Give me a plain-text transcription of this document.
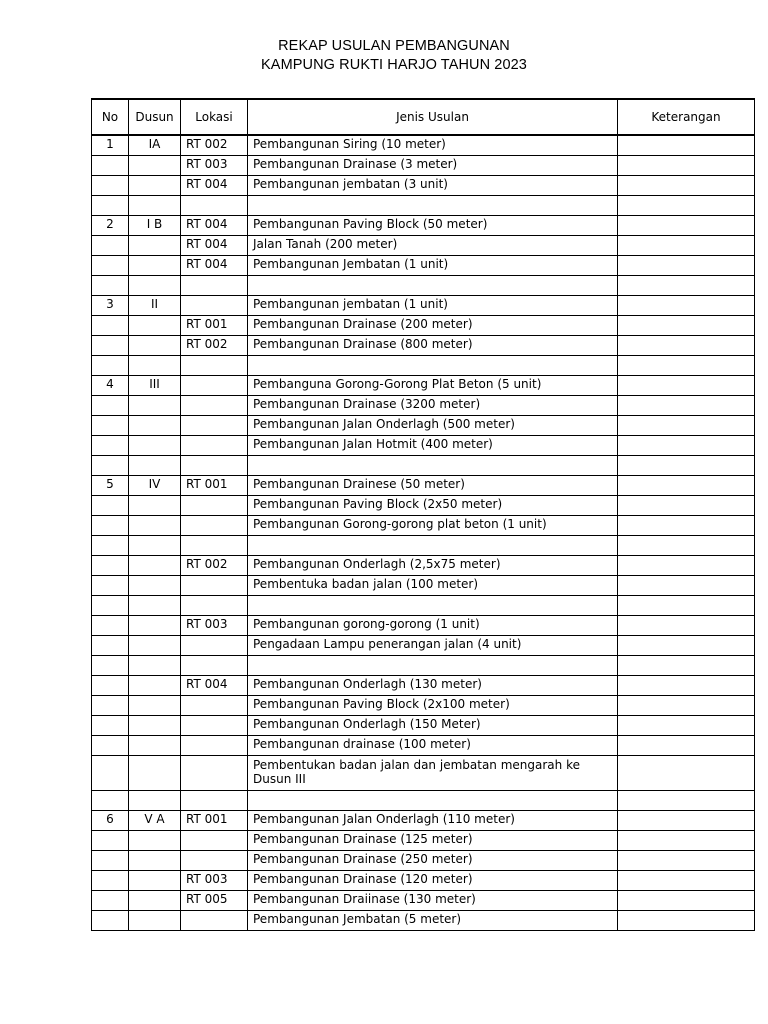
REKAP USULAN PEMBANGUNAN
KAMPUNG RUKTI HARJO TAHUN 2023
No	Dusun	Lokasi	Jenis Usulan	Keterangan
1	IA	RT 002	Pembangunan Siring (10 meter)	
		RT 003	Pembangunan Drainase (3 meter)	
		RT 004	Pembangunan jembatan (3 unit)	

2	I B	RT 004	Pembangunan Paving Block (50 meter)	
		RT 004	Jalan Tanah (200 meter)	
		RT 004	Pembangunan Jembatan (1 unit)	

3	II		Pembangunan jembatan (1 unit)	
		RT 001	Pembangunan Drainase (200 meter)	
		RT 002	Pembangunan Drainase (800 meter)	

4	III		Pembanguna Gorong-Gorong Plat Beton (5 unit)	
			Pembangunan Drainase (3200 meter)	
			Pembangunan Jalan Onderlagh (500 meter)	
			Pembangunan Jalan Hotmit (400 meter)	

5	IV	RT 001	Pembangunan Drainese (50 meter)	
			Pembangunan Paving Block (2x50 meter)	
			Pembangunan Gorong-gorong plat beton (1 unit)	

		RT 002	Pembangunan Onderlagh (2,5x75 meter)	
			Pembentuka badan jalan (100 meter)	

		RT 003	Pembangunan gorong-gorong (1 unit)	
			Pengadaan Lampu penerangan jalan (4 unit)	

		RT 004	Pembangunan Onderlagh (130 meter)	
			Pembangunan Paving Block (2x100 meter)	
			Pembangunan Onderlagh (150 Meter)	
			Pembangunan drainase (100 meter)	
			Pembentukan badan jalan dan jembatan mengarah ke Dusun III	

6	V A	RT 001	Pembangunan Jalan Onderlagh (110 meter)	
			Pembangunan Drainase (125 meter)	
			Pembangunan Drainase (250 meter)	
		RT 003	Pembangunan Drainase (120 meter)	
		RT 005	Pembangunan Draiinase (130 meter)	
			Pembangunan Jembatan (5 meter)	
